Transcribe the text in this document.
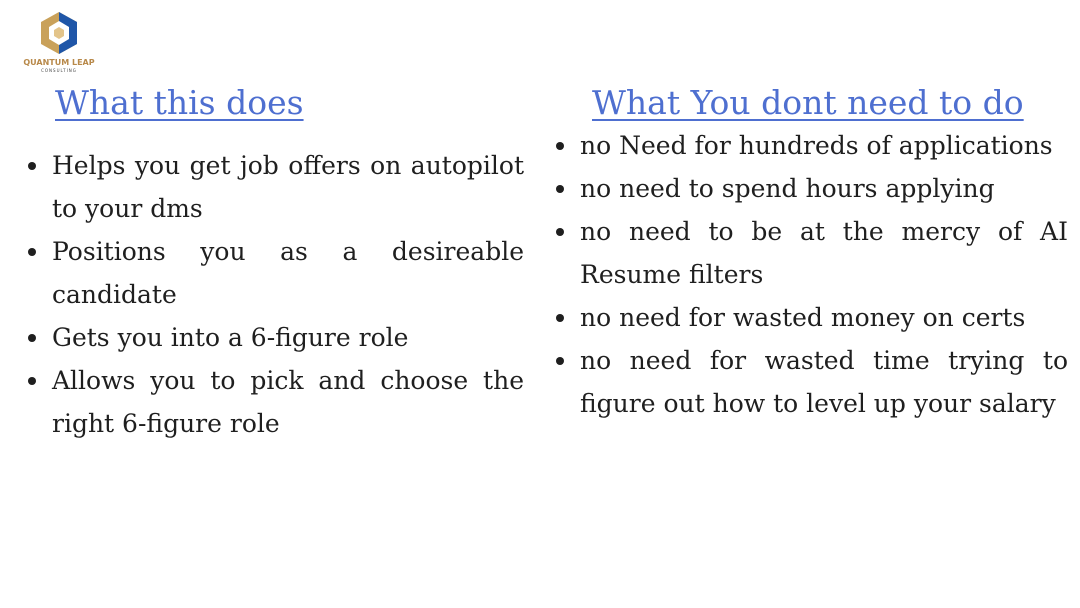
QUANTUM LEAP
CONSULTING
What this does
Helps you get job offers on autopilot to your dms
Positions you as a desireable candidate
Gets you into a 6-figure role
Allows you to pick and choose the right 6-figure role
What You dont need to do
no Need for hundreds of applications
no need to spend hours applying
no need to be at the mercy of AI Resume filters
no need for wasted money on certs
no need for wasted time trying to figure out how to level up your salary
